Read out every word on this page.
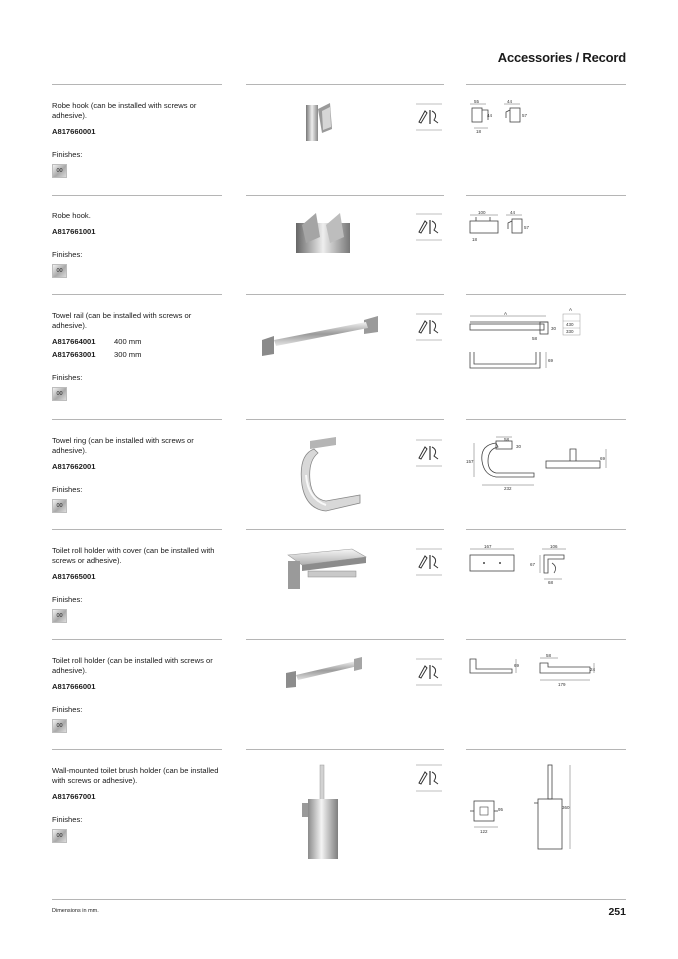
Accessories / Record
Robe hook (can be installed with screws or adhesive).
A817660001
Finishes:
00
55	44
44	57
18
Robe hook.
A817661001
Finishes:
00
100	44
57
18
Towel rail (can be installed with screws or adhesive).
A817664001	400 mm
A817663001	300 mm
Finishes:
00
A
58
30
A
430
330
69
Towel ring (can be installed with screws or adhesive).
A817662001
Finishes:
00
58
30
157
232
69
Toilet roll holder with cover (can be installed with screws or adhesive).
A817665001
Finishes:
00
167	106
67
68
Toilet roll holder (can be installed with screws or adhesive).
A817666001
Finishes:
00
69
58
24
179
Wall-mounted toilet brush holder (can be installed with screws or adhesive).
A817667001
Finishes:
00
95
122
360
Dimensions in mm.	251
